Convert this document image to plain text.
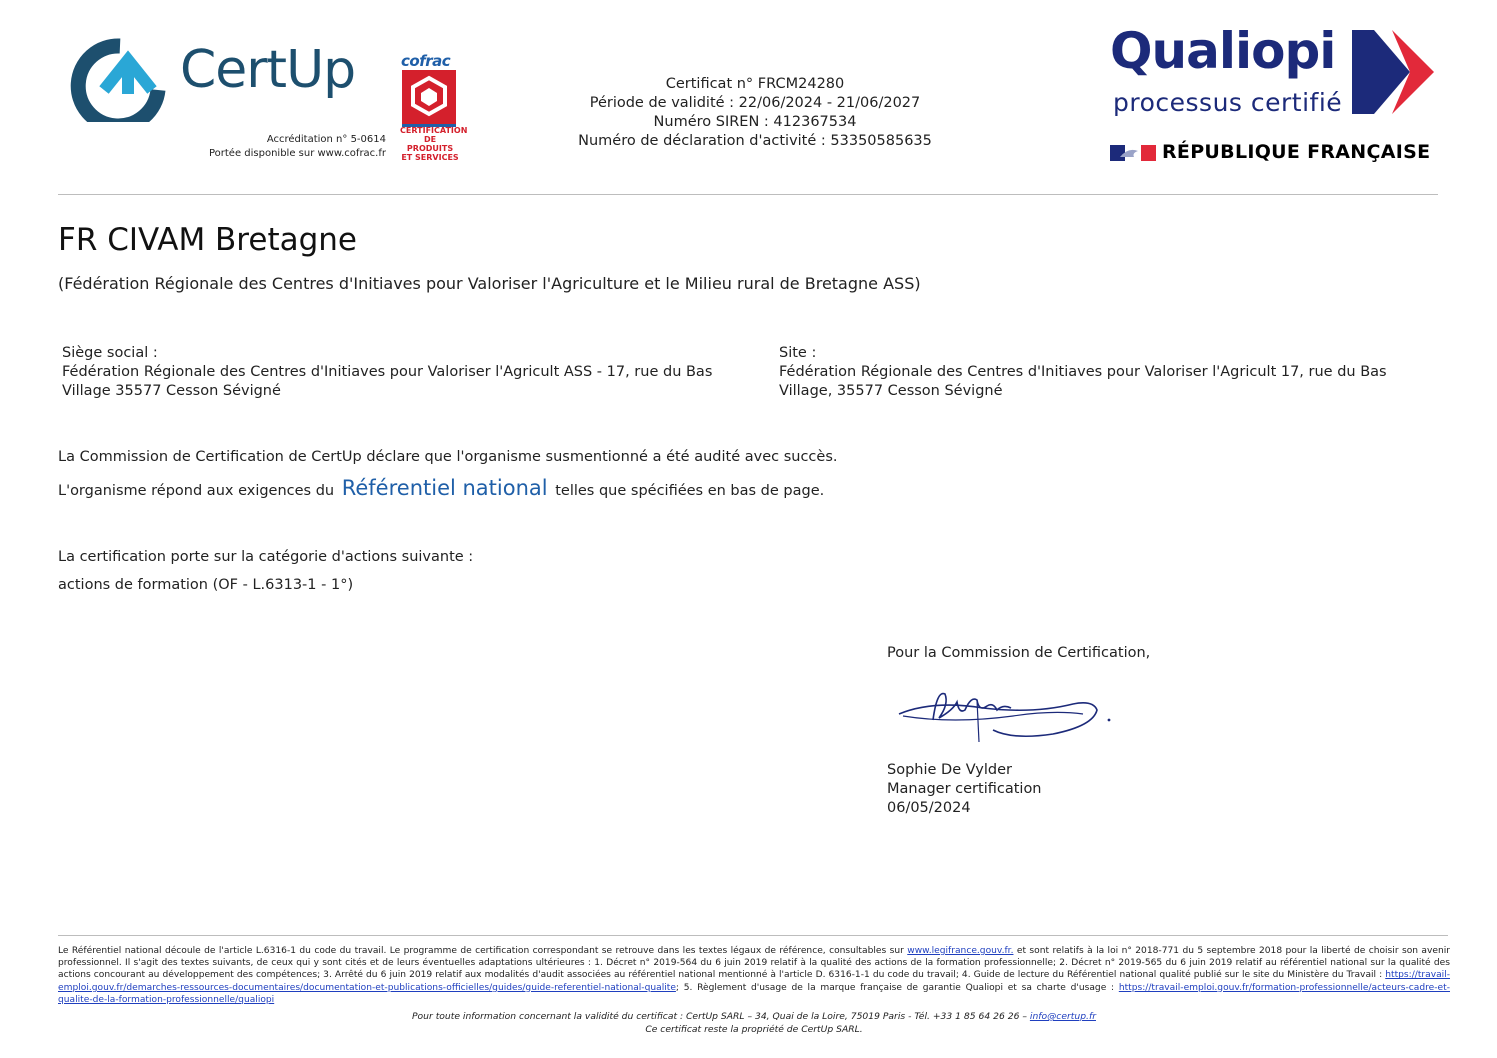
CertUp
Accréditation n° 5-0614
Portée disponible sur www.cofrac.fr
cofrac
CERTIFICATION
DE PRODUITS
ET SERVICES
Certificat n° FRCM24280
Période de validité : 22/06/2024 - 21/06/2027
Numéro SIREN : 412367534
Numéro de déclaration d'activité : 53350585635
Qualiopi
processus certifié
RÉPUBLIQUE FRANÇAISE
FR CIVAM Bretagne
(Fédération Régionale des Centres d'Initiaves pour Valoriser l'Agriculture et le Milieu rural de Bretagne ASS)
Siège social :
Fédération Régionale des Centres d'Initiaves pour Valoriser l'Agricult ASS - 17, rue du Bas Village 35577 Cesson Sévigné
Site :
Fédération Régionale des Centres d'Initiaves pour Valoriser l'Agricult 17, rue du Bas Village, 35577 Cesson Sévigné
La Commission de Certification de CertUp déclare que l'organisme susmentionné a été audité avec succès.
L'organisme répond aux exigences du Référentiel national telles que spécifiées en bas de page.
La certification porte sur la catégorie d'actions suivante :
actions de formation (OF - L.6313-1 - 1°)
Pour la Commission de Certification,
Sophie De Vylder
Manager certification
06/05/2024
Le Référentiel national découle de l'article L.6316-1 du code du travail. Le programme de certification correspondant se retrouve dans les textes légaux de référence, consultables sur www.legifrance.gouv.fr. et sont relatifs à la loi n° 2018-771 du 5 septembre 2018 pour la liberté de choisir son avenir professionnel. Il s'agit des textes suivants, de ceux qui y sont cités et de leurs éventuelles adaptations ultérieures : 1. Décret n° 2019-564 du 6 juin 2019 relatif à la qualité des actions de la formation professionnelle; 2. Décret n° 2019-565 du 6 juin 2019 relatif au référentiel national sur la qualité des actions concourant au développement des compétences; 3. Arrêté du 6 juin 2019 relatif aux modalités d'audit associées au référentiel national mentionné à l'article D. 6316-1-1 du code du travail; 4. Guide de lecture du Référentiel national qualité publié sur le site du Ministère du Travail : https://travail-emploi.gouv.fr/demarches-ressources-documentaires/documentation-et-publications-officielles/guides/guide-referentiel-national-qualite; 5. Règlement d'usage de la marque française de garantie Qualiopi et sa charte d'usage : https://travail-emploi.gouv.fr/formation-professionnelle/acteurs-cadre-et-qualite-de-la-formation-professionnelle/qualiopi
Pour toute information concernant la validité du certificat : CertUp SARL – 34, Quai de la Loire, 75019 Paris - Tél. +33 1 85 64 26 26 – info@certup.fr
Ce certificat reste la propriété de CertUp SARL.
